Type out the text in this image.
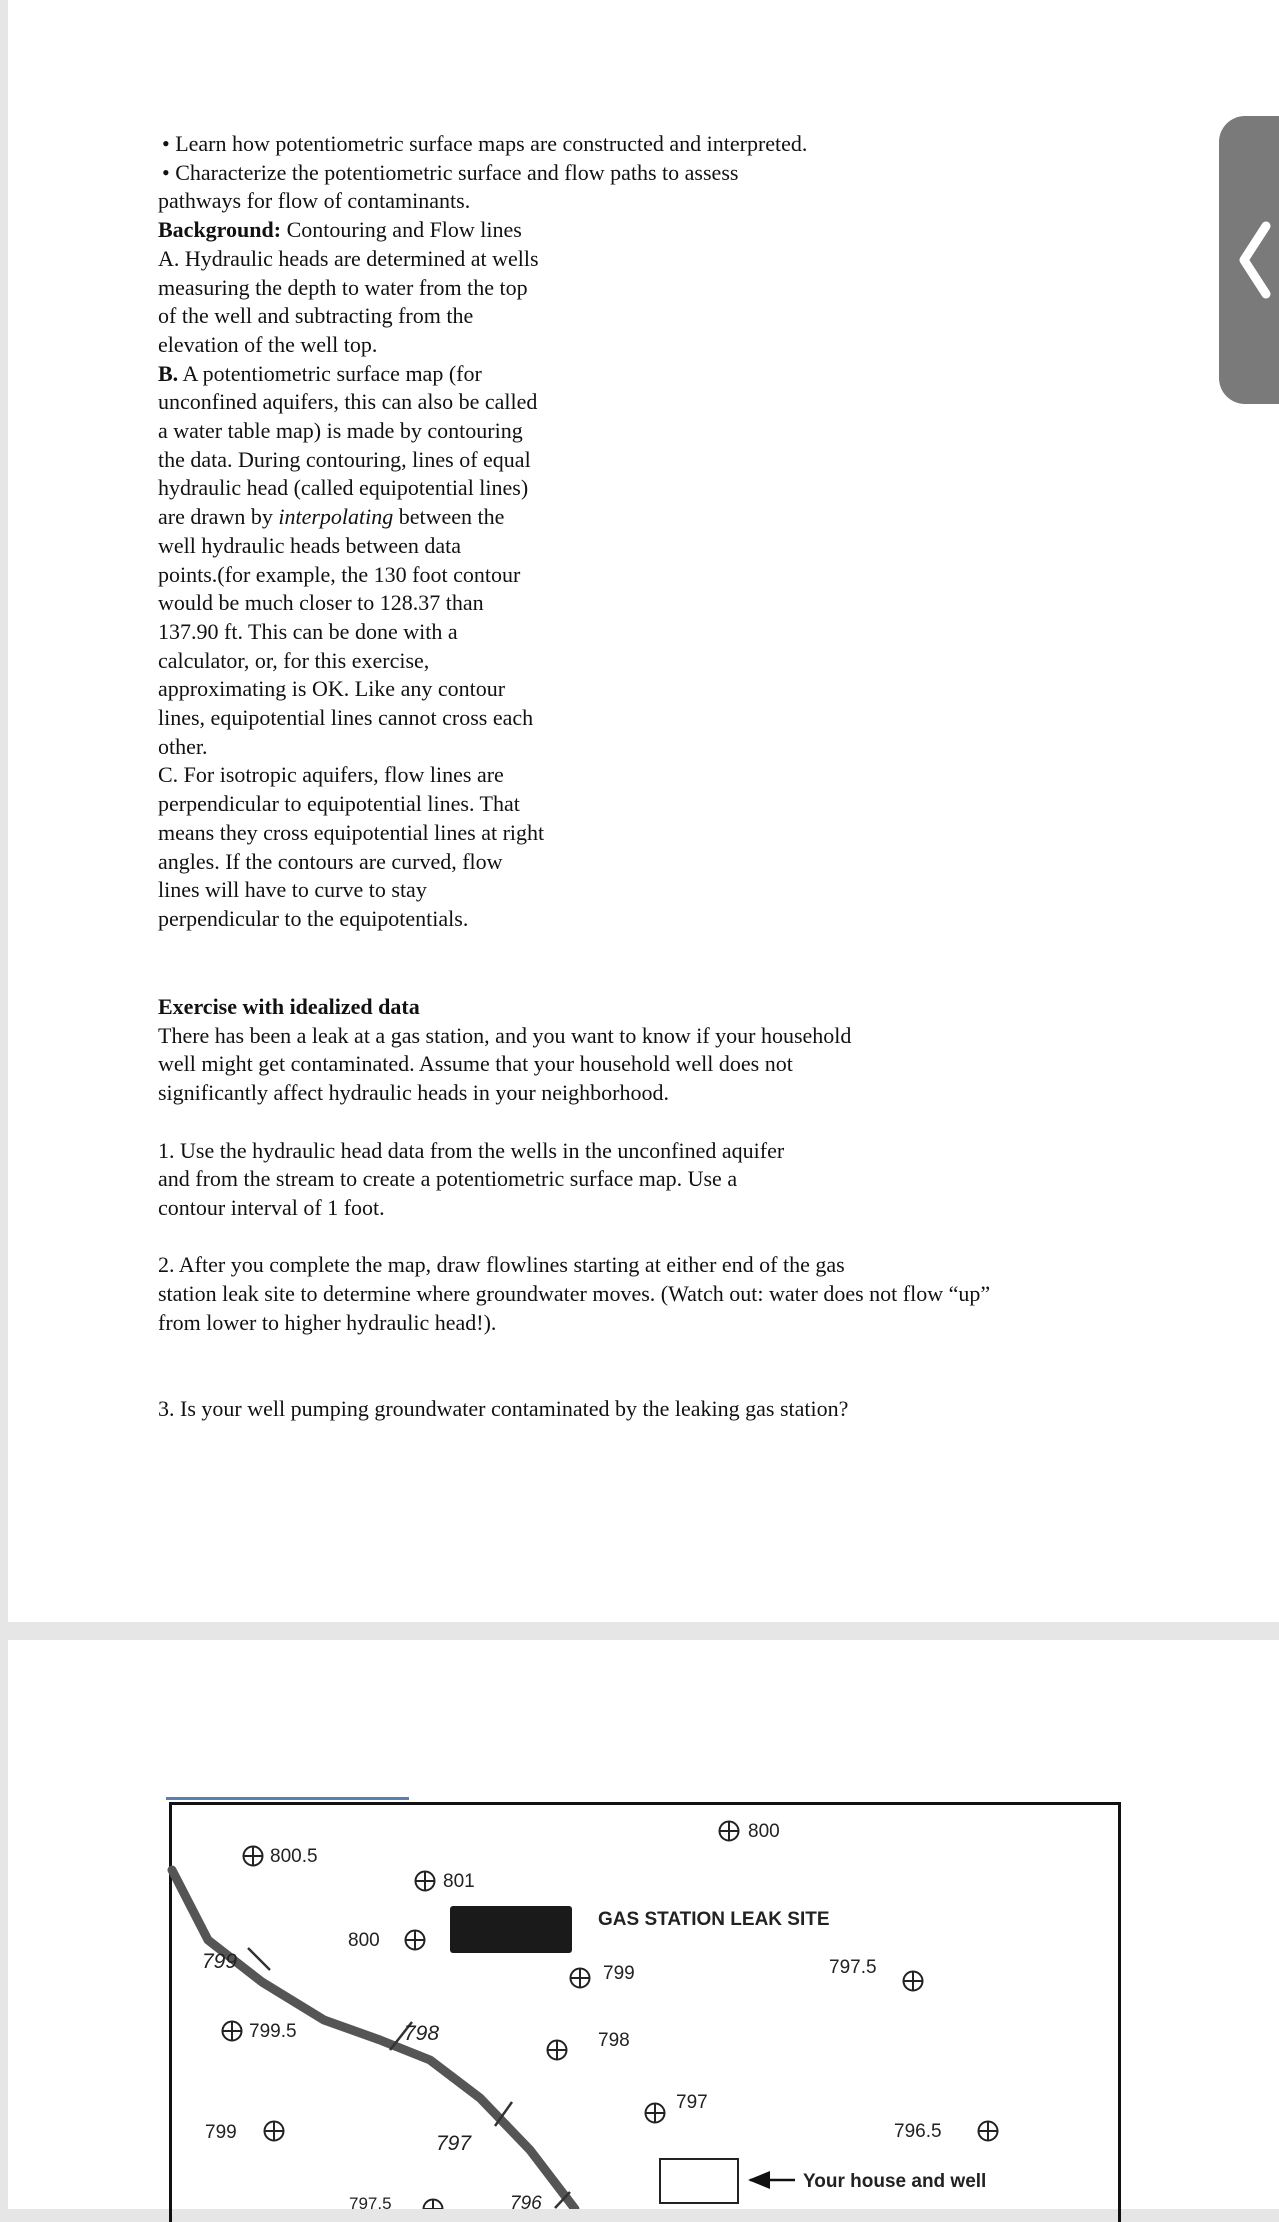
• Learn how potentiometric surface maps are constructed and interpreted.

• Characterize the potentiometric surface and flow paths to assess

pathways for flow of contaminants.

Background: Contouring and Flow lines

A. Hydraulic heads are determined at wells

measuring the depth to water from the top

of the well and subtracting from the

elevation of the well top.

B. A potentiometric surface map (for

unconfined aquifers, this can also be called

a water table map) is made by contouring

the data. During contouring, lines of equal

hydraulic head (called equipotential lines)

are drawn by interpolating between the

well hydraulic heads between data

points.(for example, the 130 foot contour

would be much closer to 128.37 than

137.90 ft. This can be done with a

calculator, or, for this exercise,

approximating is OK. Like any contour

lines, equipotential lines cannot cross each

other.

C. For isotropic aquifers, flow lines are

perpendicular to equipotential lines. That

means they cross equipotential lines at right

angles. If the contours are curved, flow

lines will have to curve to stay

perpendicular to the equipotentials.

Exercise with idealized data

There has been a leak at a gas station, and you want to know if your household

well might get contaminated. Assume that your household well does not

significantly affect hydraulic heads in your neighborhood.

1. Use the hydraulic head data from the wells in the unconfined aquifer

and from the stream to create a potentiometric surface map. Use a

contour interval of 1 foot.

2. After you complete the map, draw flowlines starting at either end of the gas

station leak site to determine where groundwater moves. (Watch out: water does not flow “up”

from lower to higher hydraulic head!).

3. Is your well pumping groundwater contaminated by the leaking gas station?

799
798
797
796
GAS STATION LEAK SITE
800.5
801
800
800
799	797.5
799.5	798
797
799	796.5
797.5
Your house and well
